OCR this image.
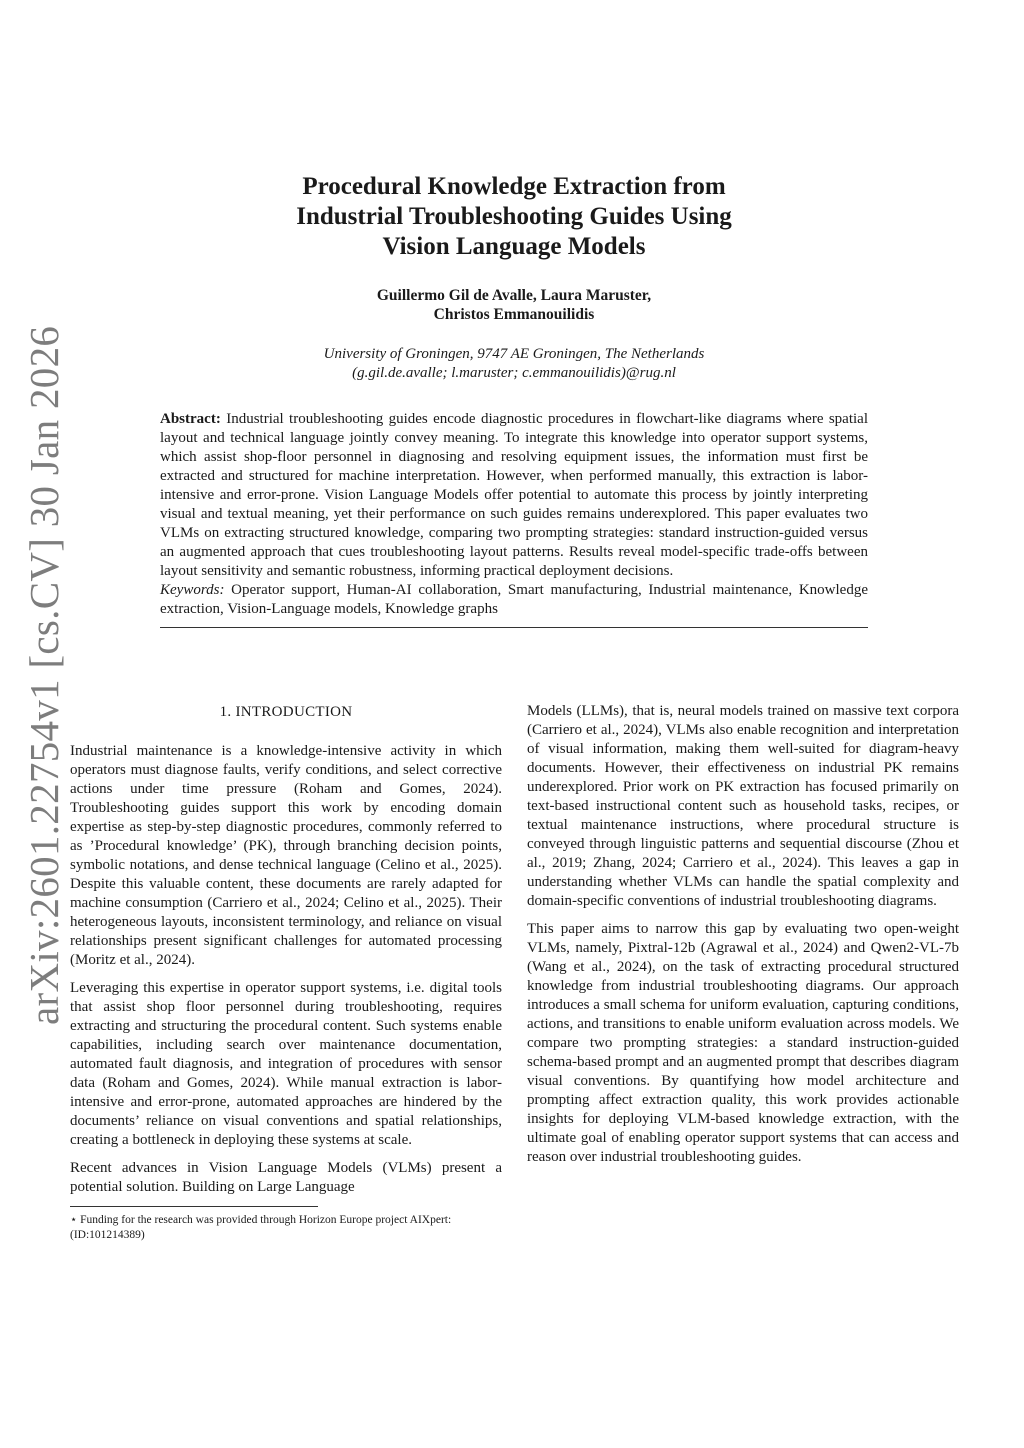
arXiv:2601.22754v1 [cs.CV] 30 Jan 2026
Procedural Knowledge Extraction from
Industrial Troubleshooting Guides Using
Vision Language Models
Guillermo Gil de Avalle, Laura Maruster,
Christos Emmanouilidis
University of Groningen, 9747 AE Groningen, The Netherlands
(g.gil.de.avalle; l.maruster; c.emmanouilidis)@rug.nl

Abstract: Industrial troubleshooting guides encode diagnostic procedures in flowchart-like diagrams where spatial layout and technical language jointly convey meaning. To integrate this knowledge into operator support systems, which assist shop-floor personnel in diagnosing and resolving equipment issues, the information must first be extracted and structured for machine interpretation. However, when performed manually, this extraction is labor-intensive and error-prone. Vision Language Models offer potential to automate this process by jointly interpreting visual and textual meaning, yet their performance on such guides remains underexplored. This paper evaluates two VLMs on extracting structured knowledge, comparing two prompting strategies: standard instruction-guided versus an augmented approach that cues troubleshooting layout patterns. Results reveal model-specific trade-offs between layout sensitivity and semantic robustness, informing practical deployment decisions.

Keywords: Operator support, Human-AI collaboration, Smart manufacturing, Industrial maintenance, Knowledge extraction, Vision-Language models, Knowledge graphs

1. INTRODUCTION

Industrial maintenance is a knowledge-intensive activity in which operators must diagnose faults, verify conditions, and select corrective actions under time pressure (Roham and Gomes, 2024). Troubleshooting guides support this work by encoding domain expertise as step-by-step diagnostic procedures, commonly referred to as ’Procedural knowledge’ (PK), through branching decision points, symbolic notations, and dense technical language (Celino et al., 2025). Despite this valuable content, these documents are rarely adapted for machine consumption (Carriero et al., 2024; Celino et al., 2025). Their heterogeneous layouts, inconsistent terminology, and reliance on visual relationships present significant challenges for automated processing (Moritz et al., 2024).

Leveraging this expertise in operator support systems, i.e. digital tools that assist shop floor personnel during troubleshooting, requires extracting and structuring the procedural content. Such systems enable capabilities, including search over maintenance documentation, automated fault diagnosis, and integration of procedures with sensor data (Roham and Gomes, 2024). While manual extraction is labor-intensive and error-prone, automated approaches are hindered by the documents’ reliance on visual conventions and spatial relationships, creating a bottleneck in deploying these systems at scale.

Recent advances in Vision Language Models (VLMs) present a potential solution. Building on Large Language

⋆ Funding for the research was provided through Horizon Europe project AIXpert: (ID:101214389)

Models (LLMs), that is, neural models trained on massive text corpora (Carriero et al., 2024), VLMs also enable recognition and interpretation of visual information, making them well-suited for diagram-heavy documents. However, their effectiveness on industrial PK remains underexplored. Prior work on PK extraction has focused primarily on text-based instructional content such as household tasks, recipes, or textual maintenance instructions, where procedural structure is conveyed through linguistic patterns and sequential discourse (Zhou et al., 2019; Zhang, 2024; Carriero et al., 2024). This leaves a gap in understanding whether VLMs can handle the spatial complexity and domain-specific conventions of industrial troubleshooting diagrams.

This paper aims to narrow this gap by evaluating two open-weight VLMs, namely, Pixtral-12b (Agrawal et al., 2024) and Qwen2-VL-7b (Wang et al., 2024), on the task of extracting procedural structured knowledge from industrial troubleshooting diagrams. Our approach introduces a small schema for uniform evaluation, capturing conditions, actions, and transitions to enable uniform evaluation across models. We compare two prompting strategies: a standard instruction-guided schema-based prompt and an augmented prompt that describes diagram visual conventions. By quantifying how model architecture and prompting affect extraction quality, this work provides actionable insights for deploying VLM-based knowledge extraction, with the ultimate goal of enabling operator support systems that can access and reason over industrial troubleshooting guides.
